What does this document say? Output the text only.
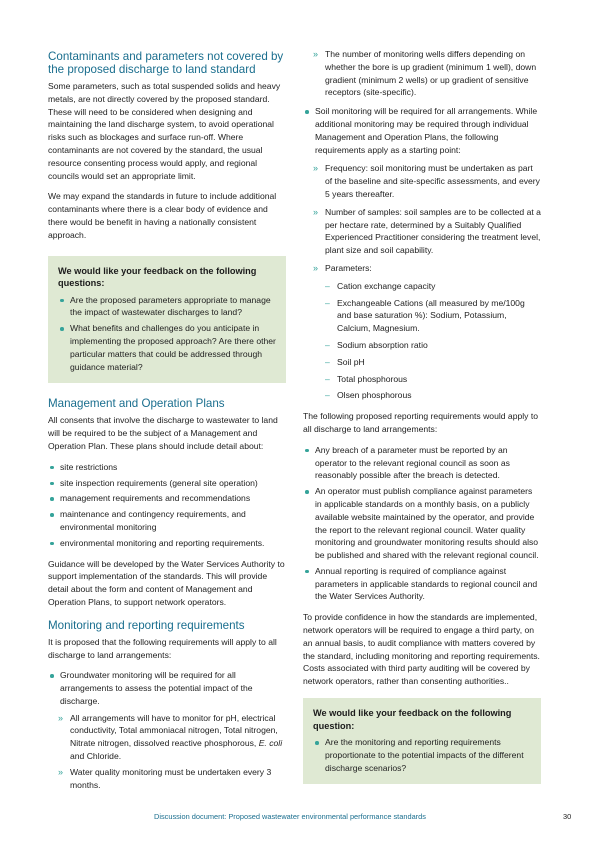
Contaminants and parameters not covered by the proposed discharge to land standard

Some parameters, such as total suspended solids and heavy metals, are not directly covered by the proposed standard. These will need to be considered when designing and maintaining the land discharge system, to avoid operational risks such as blockages and surface run-off. Where contaminants are not covered by the standard, the usual resource consenting process would apply, and regional councils would set an appropriate limit.

We may expand the standards in future to include additional contaminants where there is a clear body of evidence and there would be benefit in having a nationally consistent approach.

We would like your feedback on the following questions:
Are the proposed parameters appropriate to manage the impact of wastewater discharges to land?
What benefits and challenges do you anticipate in implementing the proposed approach? Are there other particular matters that could be addressed through guidance material?
Management and Operation Plans

All consents that involve the discharge to wastewater to land will be required to be the subject of a Management and Operation Plan. These plans should include detail about:

site restrictions
site inspection requirements (general site operation)
management requirements and recommendations
maintenance and contingency requirements, and environmental monitoring
environmental monitoring and reporting requirements.

Guidance will be developed by the Water Services Authority to support implementation of the standards. This will provide detail about the form and content of Management and Operation Plans, to support network operators.

Monitoring and reporting requirements

It is proposed that the following requirements will apply to all discharge to land arrangements:

Groundwater monitoring will be required for all arrangements to assess the potential impact of the discharge.
» All arrangements will have to monitor for pH, electrical conductivity, Total ammoniacal nitrogen, Total nitrogen, Nitrate nitrogen, dissolved reactive phosphorous, E. coli and Chloride.
» Water quality monitoring must be undertaken every 3 months.
» The number of monitoring wells differs depending on whether the bore is up gradient (minimum 1 well), down gradient (minimum 2 wells) or up gradient of sensitive receptors (site-specific).
Soil monitoring will be required for all arrangements. While additional monitoring may be required through individual Management and Operation Plans, the following requirements apply as a starting point:
» Frequency: soil monitoring must be undertaken as part of the baseline and site-specific assessments, and every 5 years thereafter.
» Number of samples: soil samples are to be collected at a per hectare rate, determined by a Suitably Qualified Experienced Practitioner considering the treatment level, plant size and soil capability.
» Parameters:
– Cation exchange capacity
– Exchangeable Cations (all measured by me/100g and base saturation %): Sodium, Potassium, Calcium, Magnesium.
– Sodium absorption ratio
– Soil pH
– Total phosphorous
– Olsen phosphorous

The following proposed reporting requirements would apply to all discharge to land arrangements:

Any breach of a parameter must be reported by an operator to the relevant regional council as soon as reasonably possible after the breach is detected.
An operator must publish compliance against parameters in applicable standards on a monthly basis, on a publicly available website maintained by the operator, and provide the report to the relevant regional council. Water quality monitoring and groundwater monitoring results should also be published and shared with the relevant regional council.
Annual reporting is required of compliance against parameters in applicable standards to regional council and the Water Services Authority.

To provide confidence in how the standards are implemented, network operators will be required to engage a third party, on an annual basis, to audit compliance with matters covered by the standard, including monitoring and reporting requirements. Costs associated with third party auditing will be covered by network operators, rather than consenting authorities..

We would like your feedback on the following question:
Are the monitoring and reporting requirements proportionate to the potential impacts of the different discharge scenarios?
Discussion document: Proposed wastewater environmental performance standards	30
